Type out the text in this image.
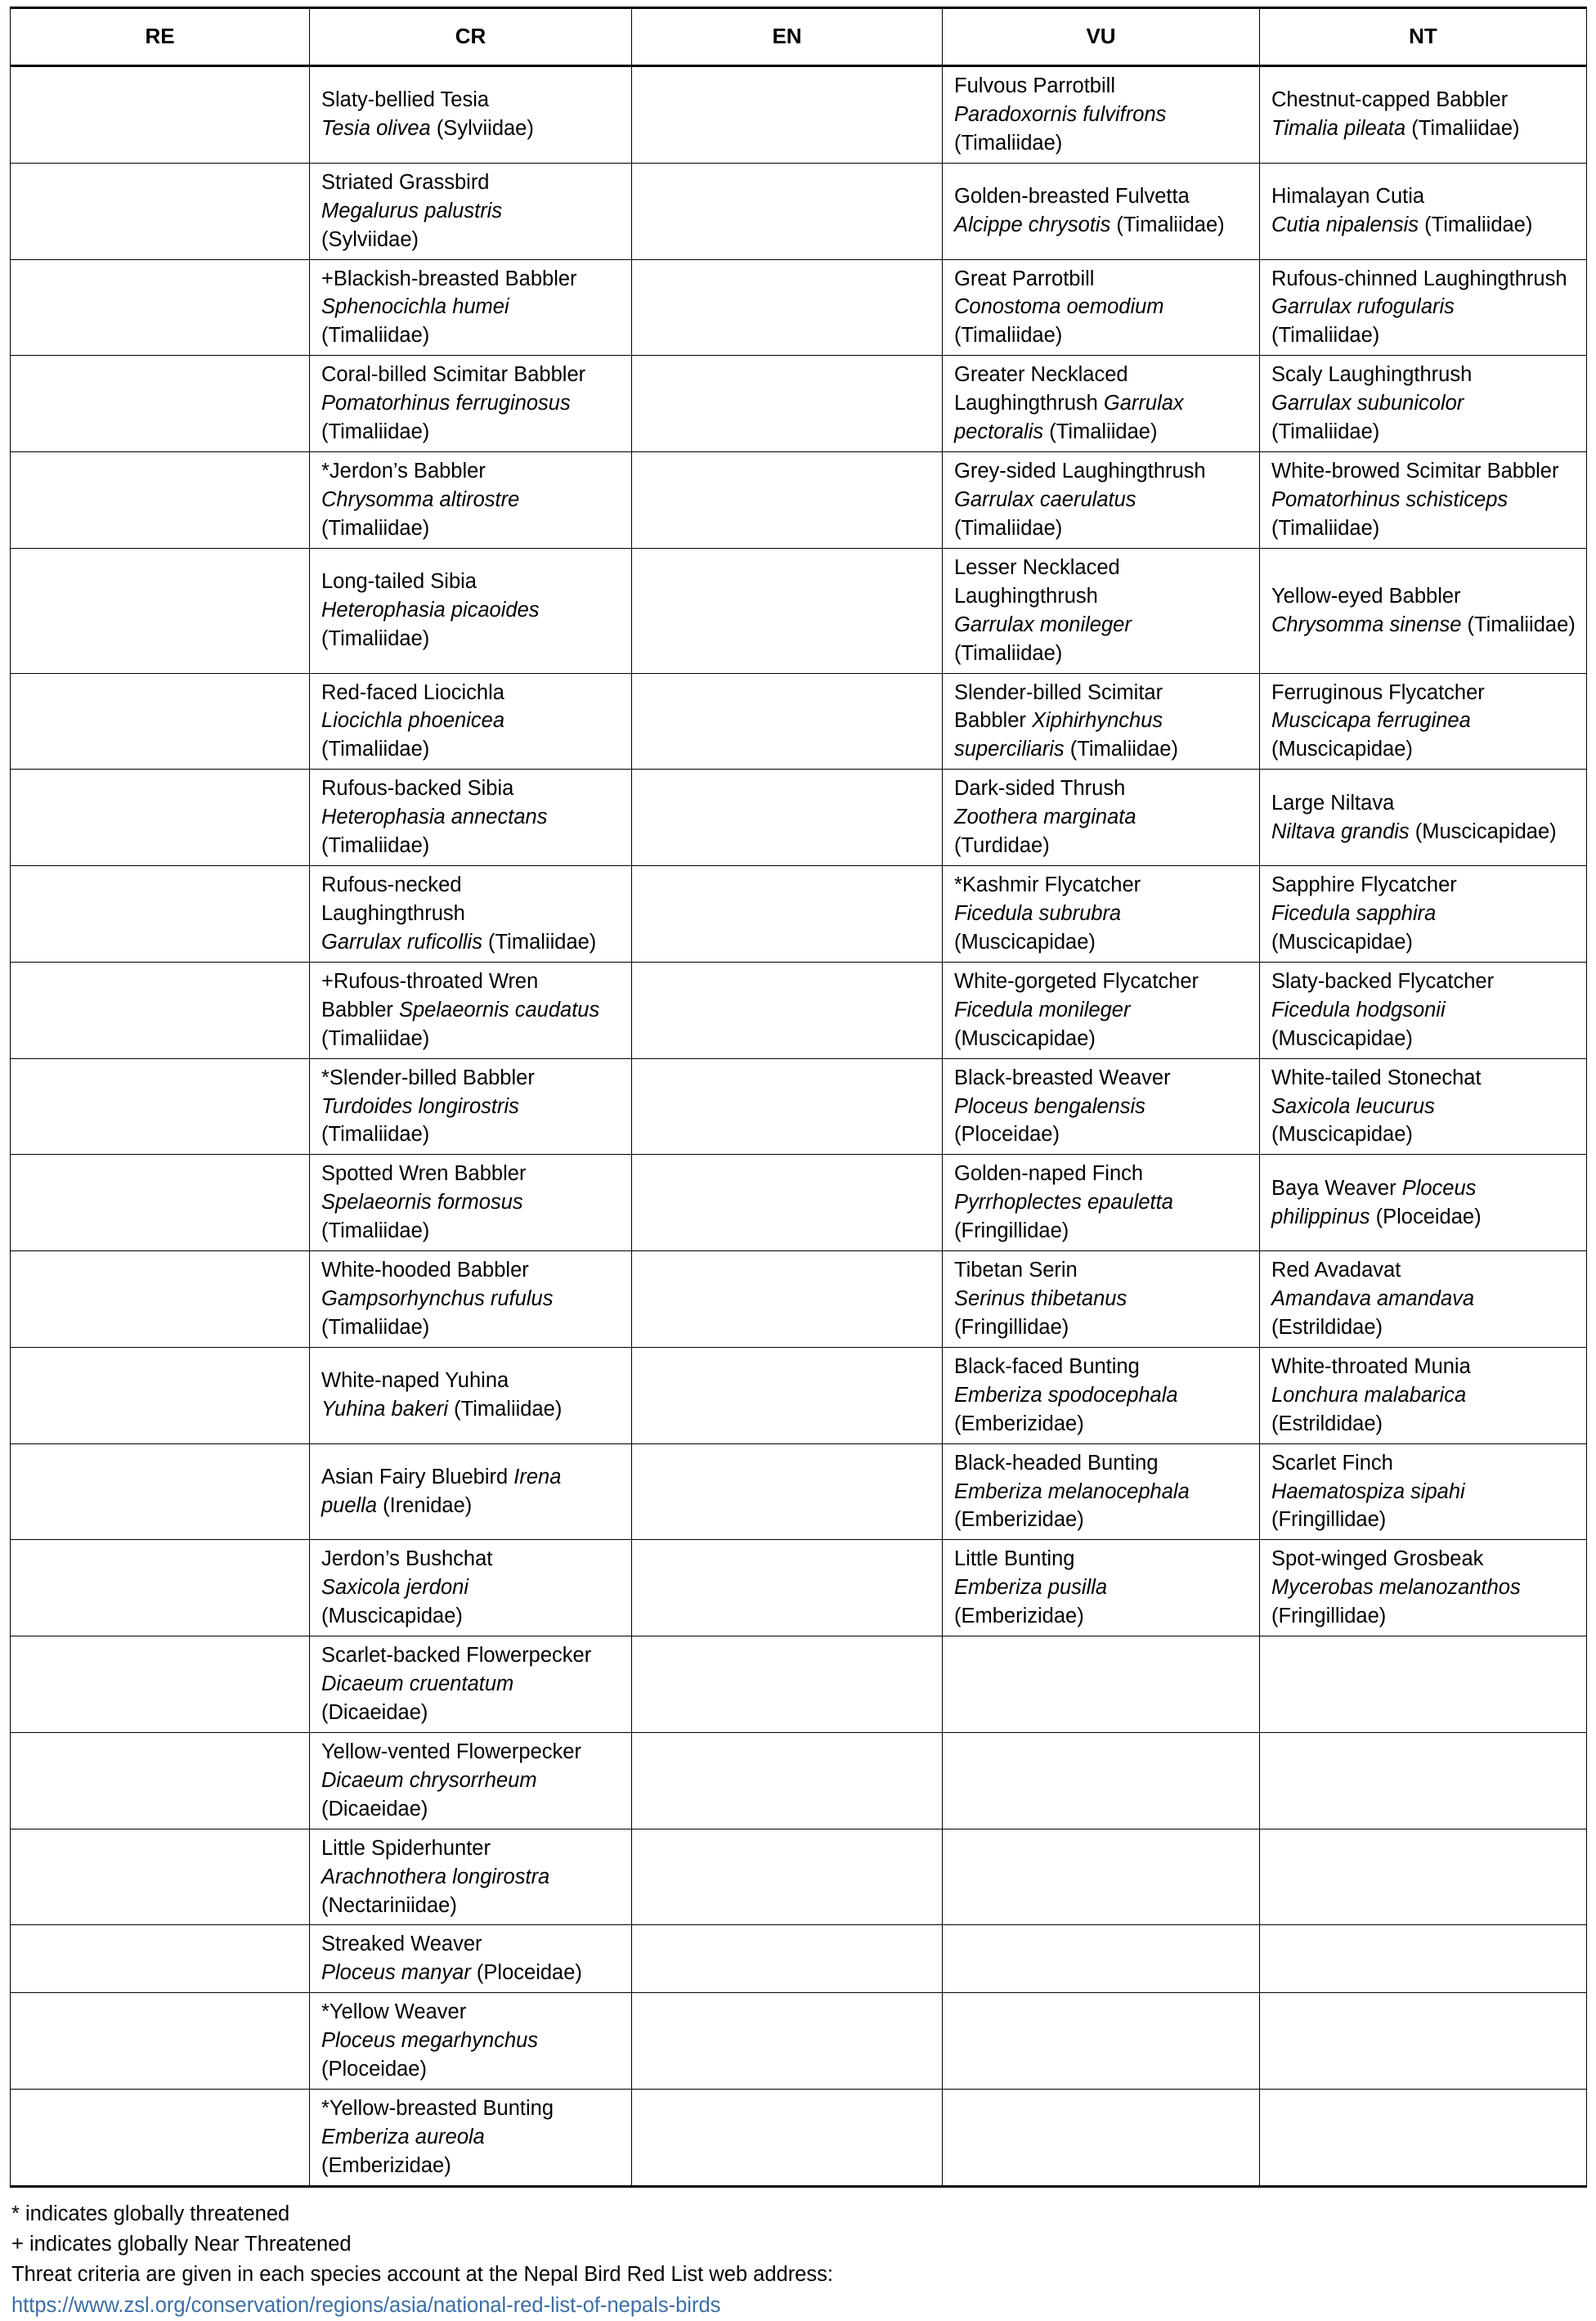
RE	CR	EN	VU	NT

	Slaty-bellied Tesia
Tesia olivea (Sylviidae)		Fulvous Parrotbill
Paradoxornis fulvifrons
(Timaliidae)	Chestnut-capped Babbler
Timalia pileata (Timaliidae)

	Striated Grassbird
Megalurus palustris
(Sylviidae)		Golden-breasted Fulvetta
Alcippe chrysotis (Timaliidae)	Himalayan Cutia
Cutia nipalensis (Timaliidae)

	+Blackish-breasted Babbler
Sphenocichla humei
(Timaliidae)		Great Parrotbill
Conostoma oemodium
(Timaliidae)	Rufous-chinned Laughingthrush
Garrulax rufogularis
(Timaliidae)

	Coral-billed Scimitar Babbler
Pomatorhinus ferruginosus
(Timaliidae)		Greater Necklaced
Laughingthrush Garrulax
pectoralis (Timaliidae)	Scaly Laughingthrush
Garrulax subunicolor
(Timaliidae)

	*Jerdon’s Babbler
Chrysomma altirostre
(Timaliidae)		Grey-sided Laughingthrush
Garrulax caerulatus
(Timaliidae)	White-browed Scimitar Babbler
Pomatorhinus schisticeps
(Timaliidae)

	Long-tailed Sibia
Heterophasia picaoides
(Timaliidae)		Lesser Necklaced
Laughingthrush
Garrulax monileger
(Timaliidae)	Yellow-eyed Babbler
Chrysomma sinense (Timaliidae)

	Red-faced Liocichla
Liocichla phoenicea
(Timaliidae)		Slender-billed Scimitar
Babbler Xiphirhynchus
superciliaris (Timaliidae)	Ferruginous Flycatcher
Muscicapa ferruginea
(Muscicapidae)

	Rufous-backed Sibia
Heterophasia annectans
(Timaliidae)		Dark-sided Thrush
Zoothera marginata
(Turdidae)	Large Niltava
Niltava grandis (Muscicapidae)

	Rufous-necked
Laughingthrush
Garrulax ruficollis (Timaliidae)		*Kashmir Flycatcher
Ficedula subrubra
(Muscicapidae)	Sapphire Flycatcher
Ficedula sapphira
(Muscicapidae)

	+Rufous-throated Wren
Babbler Spelaeornis caudatus
(Timaliidae)		White-gorgeted Flycatcher
Ficedula monileger
(Muscicapidae)	Slaty-backed Flycatcher
Ficedula hodgsonii
(Muscicapidae)

	*Slender-billed Babbler
Turdoides longirostris
(Timaliidae)		Black-breasted Weaver
Ploceus bengalensis
(Ploceidae)	White-tailed Stonechat
Saxicola leucurus
(Muscicapidae)

	Spotted Wren Babbler
Spelaeornis formosus
(Timaliidae)		Golden-naped Finch
Pyrrhoplectes epauletta
(Fringillidae)	Baya Weaver Ploceus
philippinus (Ploceidae)

	White-hooded Babbler
Gampsorhynchus rufulus
(Timaliidae)		Tibetan Serin
Serinus thibetanus
(Fringillidae)	Red Avadavat
Amandava amandava
(Estrildidae)

	White-naped Yuhina
Yuhina bakeri (Timaliidae)		Black-faced Bunting
Emberiza spodocephala
(Emberizidae)	White-throated Munia
Lonchura malabarica
(Estrildidae)

	Asian Fairy Bluebird Irena
puella (Irenidae)		Black-headed Bunting
Emberiza melanocephala
(Emberizidae)	Scarlet Finch
Haematospiza sipahi
(Fringillidae)

	Jerdon’s Bushchat
Saxicola jerdoni
(Muscicapidae)		Little Bunting
Emberiza pusilla
(Emberizidae)	Spot-winged Grosbeak
Mycerobas melanozanthos
(Fringillidae)

	Scarlet-backed Flowerpecker
Dicaeum cruentatum
(Dicaeidae)			

	Yellow-vented Flowerpecker
Dicaeum chrysorrheum
(Dicaeidae)			

	Little Spiderhunter
Arachnothera longirostra
(Nectariniidae)			

	Streaked Weaver
Ploceus manyar (Ploceidae)			

	*Yellow Weaver
Ploceus megarhynchus
(Ploceidae)			

	*Yellow-breasted Bunting
Emberiza aureola
(Emberizidae)			

* indicates globally threatened
+ indicates globally Near Threatened
Threat criteria are given in each species account at the Nepal Bird Red List web address:
https://www.zsl.org/conservation/regions/asia/national-red-list-of-nepals-birds
